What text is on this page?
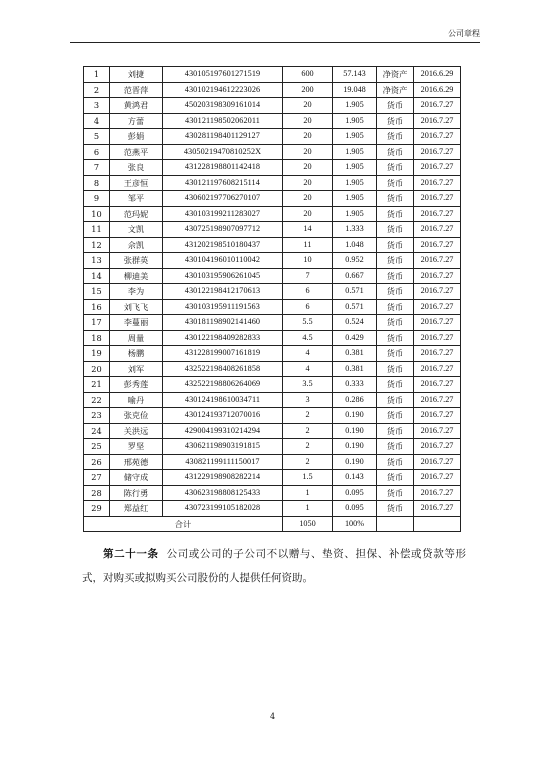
公司章程
1	刘捷	430105197601271519	600	57.143	净资产	2016.6.29
2	范晋萍	430102194612223026	200	19.048	净资产	2016.6.29
3	黄鸿君	450203198309161014	20	1.905	货币	2016.7.27
4	方蕾	430121198502062011	20	1.905	货币	2016.7.27
5	彭娟	430281198401129127	20	1.905	货币	2016.7.27
6	范燕平	43050219470810252X	20	1.905	货币	2016.7.27
7	张良	431228198801142418	20	1.905	货币	2016.7.27
8	王彦恒	430121197608215114	20	1.905	货币	2016.7.27
9	邹平	430602197706270107	20	1.905	货币	2016.7.27
10	范玛妮	430103199211283027	20	1.905	货币	2016.7.27
11	文凯	430725198907097712	14	1.333	货币	2016.7.27
12	佘凯	431202198510180437	11	1.048	货币	2016.7.27
13	张群英	430104196010110042	10	0.952	货币	2016.7.27
14	柳迪美	430103195906261045	7	0.667	货币	2016.7.27
15	李为	430122198412170613	6	0.571	货币	2016.7.27
16	刘飞飞	430103195911191563	6	0.571	货币	2016.7.27
17	李蔓丽	430181198902141460	5.5	0.524	货币	2016.7.27
18	周量	430122198409282833	4.5	0.429	货币	2016.7.27
19	杨鹏	431228199007161819	4	0.381	货币	2016.7.27
20	刘军	432522198408261858	4	0.381	货币	2016.7.27
21	彭秀莲	432522198806264069	3.5	0.333	货币	2016.7.27
22	喻丹	430124198610034711	3	0.286	货币	2016.7.27
23	张克俭	430124193712070016	2	0.190	货币	2016.7.27
24	关洪远	429004199310214294	2	0.190	货币	2016.7.27
25	罗坚	430621198903191815	2	0.190	货币	2016.7.27
26	邢苑德	430821199111150017	2	0.190	货币	2016.7.27
27	储守成	431229198908282214	1.5	0.143	货币	2016.7.27
28	陈行勇	430623198808125433	1	0.095	货币	2016.7.27
29	郑益红	430723199105182028	1	0.095	货币	2016.7.27
合计			1050	100%		
第二十一条 公司或公司的子公司不以赠与、垫资、担保、补偿或贷款等形式，对购买或拟购买公司股份的人提供任何资助。
4
